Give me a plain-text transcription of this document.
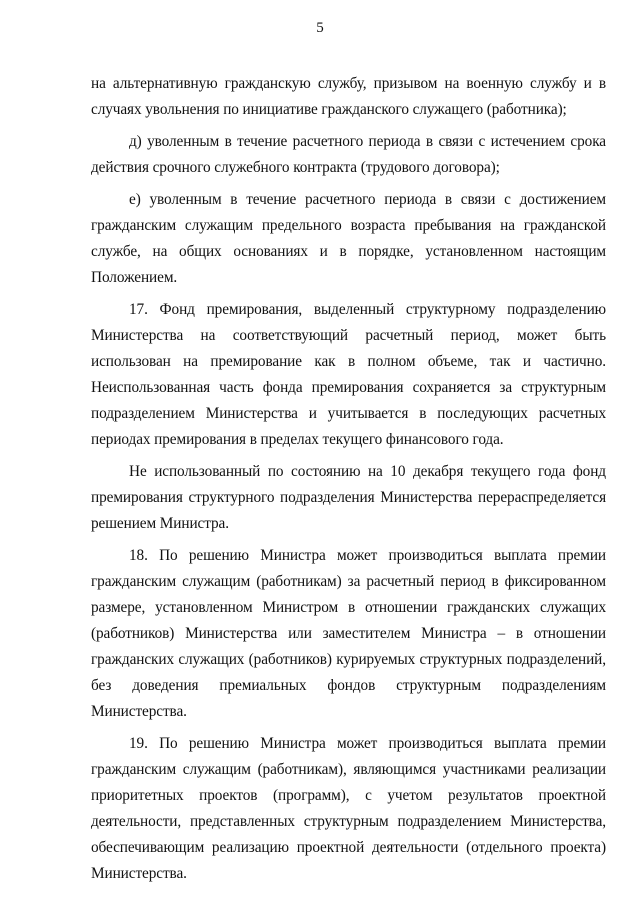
5

на альтернативную гражданскую службу, призывом на военную службу и в случаях увольнения по инициативе гражданского служащего (работника);

д) уволенным в течение расчетного периода в связи с истечением срока действия срочного служебного контракта (трудового договора);

е) уволенным в течение расчетного периода в связи с достижением гражданским служащим предельного возраста пребывания на гражданской службе, на общих основаниях и в порядке, установленном настоящим Положением.

17. Фонд премирования, выделенный структурному подразделению Министерства на соответствующий расчетный период, может быть использован на премирование как в полном объеме, так и частично. Неиспользованная часть фонда премирования сохраняется за структурным подразделением Министерства и учитывается в последующих расчетных периодах премирования в пределах текущего финансового года.

Не использованный по состоянию на 10 декабря текущего года фонд премирования структурного подразделения Министерства перераспределяется решением Министра.

18. По решению Министра может производиться выплата премии гражданским служащим (работникам) за расчетный период в фиксированном размере, установленном Министром в отношении гражданских служащих (работников) Министерства или заместителем Министра – в отношении гражданских служащих (работников) курируемых структурных подразделений, без доведения премиальных фондов структурным подразделениям Министерства.

19. По решению Министра может производиться выплата премии гражданским служащим (работникам), являющимся участниками реализации приоритетных проектов (программ), с учетом результатов проектной деятельности, представленных структурным подразделением Министерства, обеспечивающим реализацию проектной деятельности (отдельного проекта) Министерства.
